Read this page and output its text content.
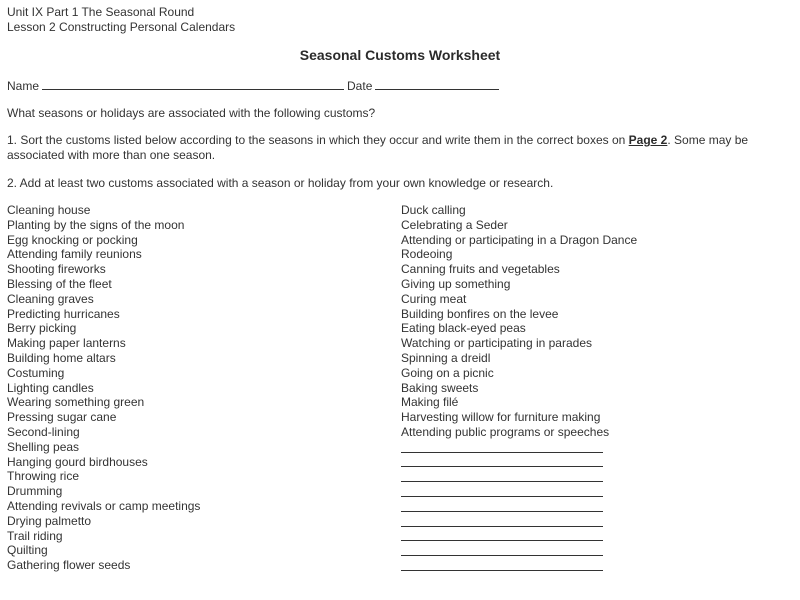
Unit IX Part 1 The Seasonal Round
Lesson 2 Constructing Personal Calendars
Seasonal Customs Worksheet
Name	Date
What seasons or holidays are associated with the following customs?
1. Sort the customs listed below according to the seasons in which they occur and write them in the correct boxes on Page 2. Some may be associated with more than one season.
2. Add at least two customs associated with a season or holiday from your own knowledge or research.
Cleaning house
Planting by the signs of the moon
Egg knocking or pocking
Attending family reunions
Shooting fireworks
Blessing of the fleet
Cleaning graves
Predicting hurricanes
Berry picking
Making paper lanterns
Building home altars
Costuming
Lighting candles
Wearing something green
Pressing sugar cane
Second-lining
Shelling peas
Hanging gourd birdhouses
Throwing rice
Drumming
Attending revivals or camp meetings
Drying palmetto
Trail riding
Quilting
Gathering flower seeds
Duck calling
Celebrating a Seder
Attending or participating in a Dragon Dance
Rodeoing
Canning fruits and vegetables
Giving up something
Curing meat
Building bonfires on the levee
Eating black-eyed peas
Watching or participating in parades
Spinning a dreidl
Going on a picnic
Baking sweets
Making filé
Harvesting willow for furniture making
Attending public programs or speeches
